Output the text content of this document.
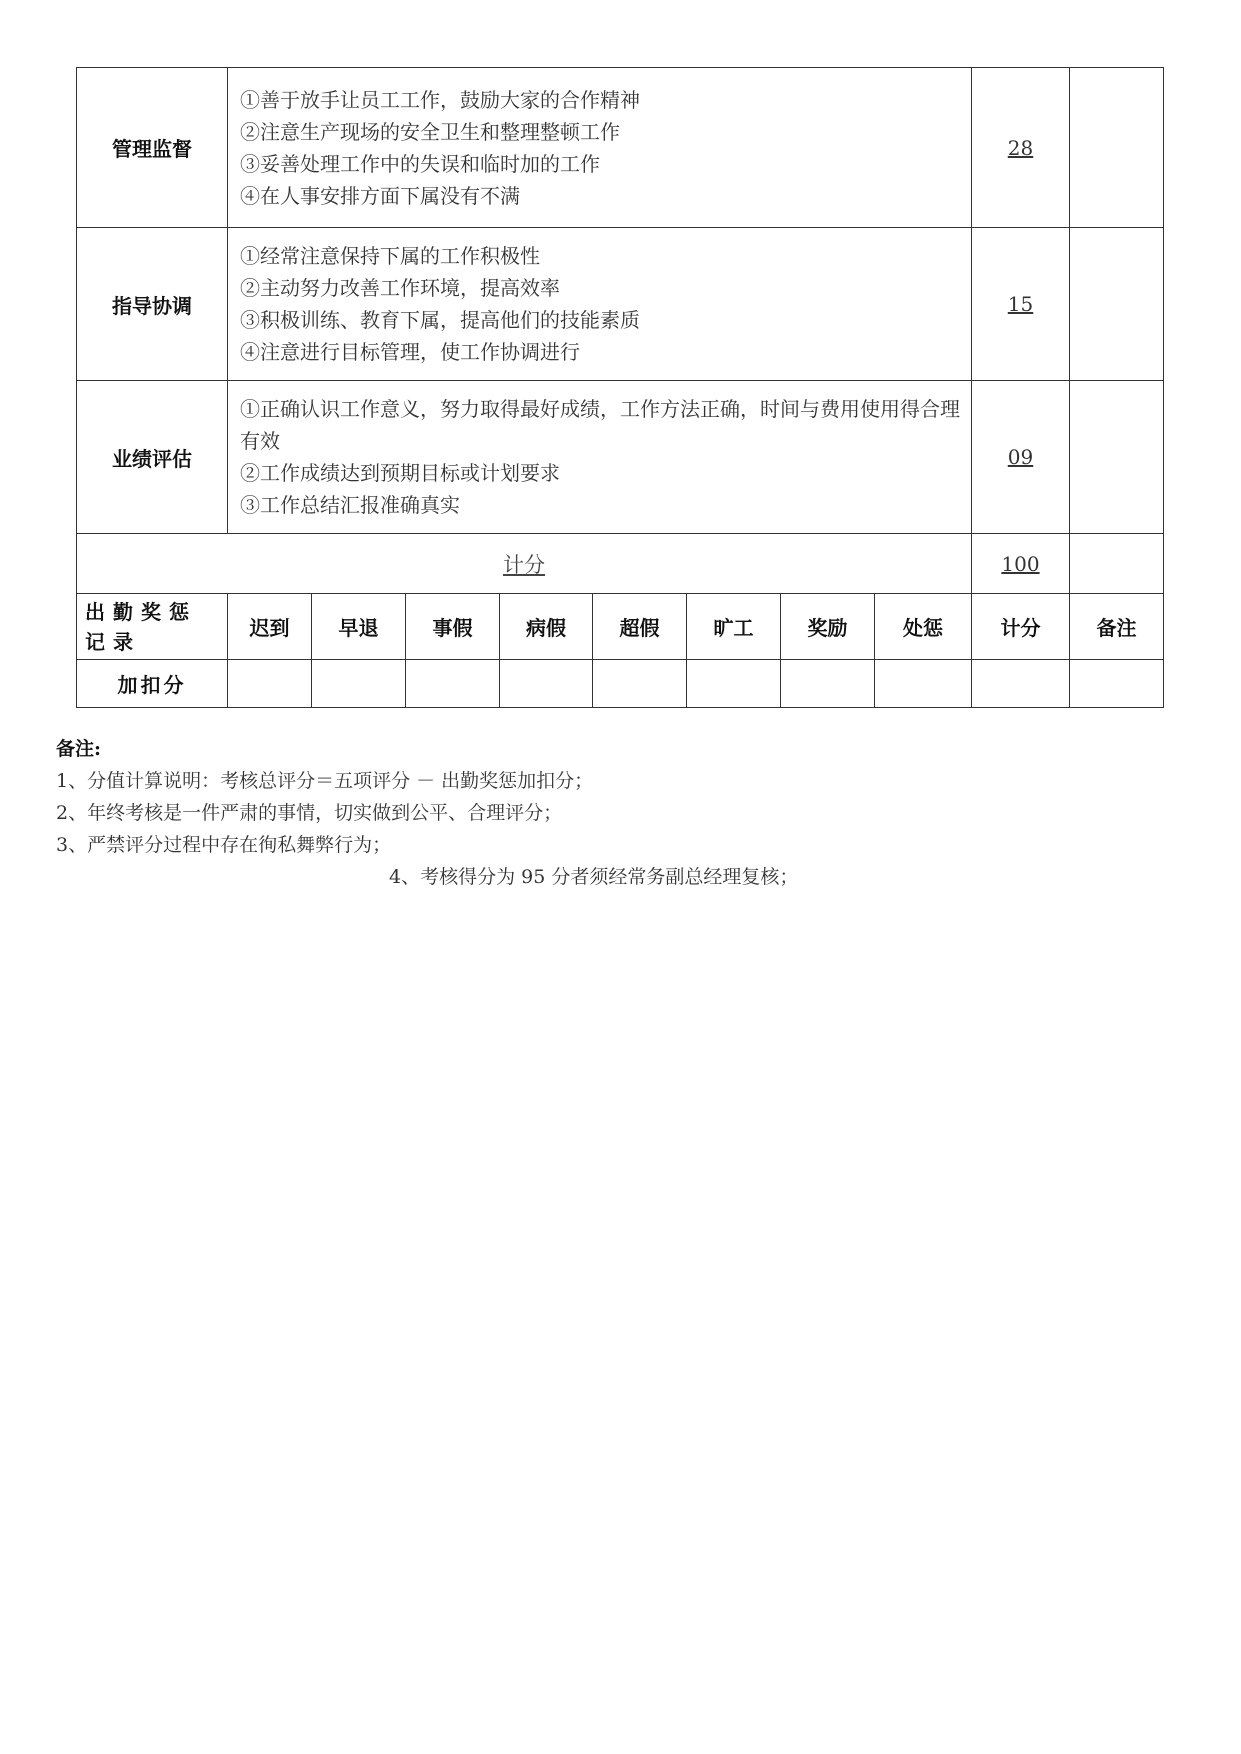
管理监督	①善于放手让员工工作，鼓励大家的合作精神
②注意生产现场的安全卫生和整理整顿工作
③妥善处理工作中的失误和临时加的工作
④在人事安排方面下属没有不满								28	
指导协调	①经常注意保持下属的工作积极性
②主动努力改善工作环境，提高效率
③积极训练、教育下属，提高他们的技能素质
④注意进行目标管理，使工作协调进行								15	
业绩评估	①正确认识工作意义，努力取得最好成绩，工作方法正确，时间与费用使用得合理有效
②工作成绩达到预期目标或计划要求
③工作总结汇报准确真实								09	
计分									100	
出勤奖惩记录	迟到	早退	事假	病假	超假	旷工	奖励	处惩	计分	备注
加扣分										
备注:
1、分值计算说明：考核总评分＝五项评分 － 出勤奖惩加扣分；
2、年终考核是一件严肃的事情，切实做到公平、合理评分；
3、严禁评分过程中存在徇私舞弊行为；
4、考核得分为 95 分者须经常务副总经理复核；
